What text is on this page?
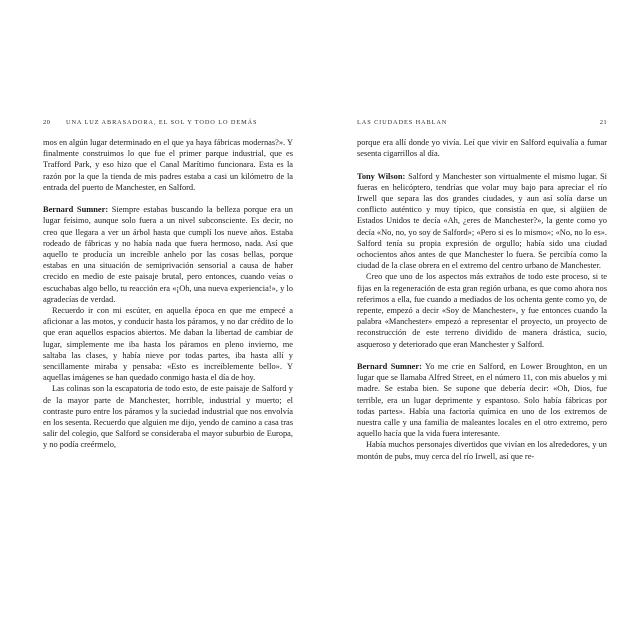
20	UNA LUZ ABRASADORA, EL SOL Y TODO LO DEMÁS

mos en algún lugar determinado en el que ya haya fábricas modernas?». Y finalmente construimos lo que fue el primer parque industrial, que es Trafford Park, y eso hizo que el Canal Marítimo funcionara. Esta es la razón por la que la tienda de mis padres estaba a casi un kilómetro de la entrada del puerto de Manchester, en Salford.

Bernard Sumner: Siempre estabas buscando la belleza porque era un lugar feísimo, aunque solo fuera a un nivel subconsciente. Es decir, no creo que llegara a ver un árbol hasta que cumplí los nueve años. Estaba rodeado de fábricas y no había nada que fuera hermoso, nada. Así que aquello te producía un increíble anhelo por las cosas bellas, porque estabas en una situación de semiprivación sensorial a causa de haber crecido en medio de este paisaje brutal, pero entonces, cuando veías o escuchabas algo bello, tu reacción era «¡Oh, una nueva experiencia!», y lo agradecías de verdad.

Recuerdo ir con mi escúter, en aquella época en que me empecé a aficionar a las motos, y conducir hasta los páramos, y no dar crédito de lo que eran aquellos espacios abiertos. Me daban la libertad de cambiar de lugar, simplemente me iba hasta los páramos en pleno invierno, me saltaba las clases, y había nieve por todas partes, iba hasta allí y sencillamente miraba y pensaba: «Esto es increíblemente bello». Y aquellas imágenes se han quedado conmigo hasta el día de hoy.

Las colinas son la escapatoria de todo esto, de este paisaje de Salford y de la mayor parte de Manchester, horrible, industrial y muerto; el contraste puro entre los páramos y la suciedad industrial que nos envolvía en los sesenta. Recuerdo que alguien me dijo, yendo de camino a casa tras salir del colegio, que Salford se consideraba el mayor suburbio de Europa, y no podía creérmelo,

LAS CIUDADES HABLAN	21

porque era allí donde yo vivía. Leí que vivir en Salford equivalía a fumar sesenta cigarrillos al día.

Tony Wilson: Salford y Manchester son virtualmente el mismo lugar. Si fueras en helicóptero, tendrías que volar muy bajo para apreciar el río Irwell que separa las dos grandes ciudades, y aun así solía darse un conflicto auténtico y muy típico, que consistía en que, si algüien de Estados Unidos te decía «Ah, ¿eres de Manchester?», la gente como yo decía «No, no, yo soy de Salford»; «Pero si es lo mismo»; «No, no lo es». Salford tenía su propia expresión de orgullo; había sido una ciudad ochocientos años antes de que Manchester lo fuera. Se percibía como la ciudad de la clase obrera en el extremo del centro urbano de Manchester.

Creo que uno de los aspectos más extraños de todo este proceso, si te fijas en la regeneración de esta gran región urbana, es que como ahora nos referimos a ella, fue cuando a mediados de los ochenta gente como yo, de repente, empezó a decir «Soy de Manchester», y fue entonces cuando la palabra «Manchester» empezó a representar el proyecto, un proyecto de reconstrucción de este terreno dividido de manera drástica, sucio, asqueroso y deteriorado que eran Manchester y Salford.

Bernard Sumner: Yo me crie en Salford, en Lower Broughton, en un lugar que se llamaba Alfred Street, en el número 11, con mis abuelos y mi madre. Se estaba bien. Se supone que debería decir: «Oh, Dios, fue terrible, era un lugar deprimente y espantoso. Solo había fábricas por todas partes». Había una factoría química en uno de los extremos de nuestra calle y una familia de maleantes locales en el otro extremo, pero aquello hacía que la vida fuera interesante.

Había muchos personajes divertidos que vivían en los alrededores, y un montón de pubs, muy cerca del río Irwell, así que re-
